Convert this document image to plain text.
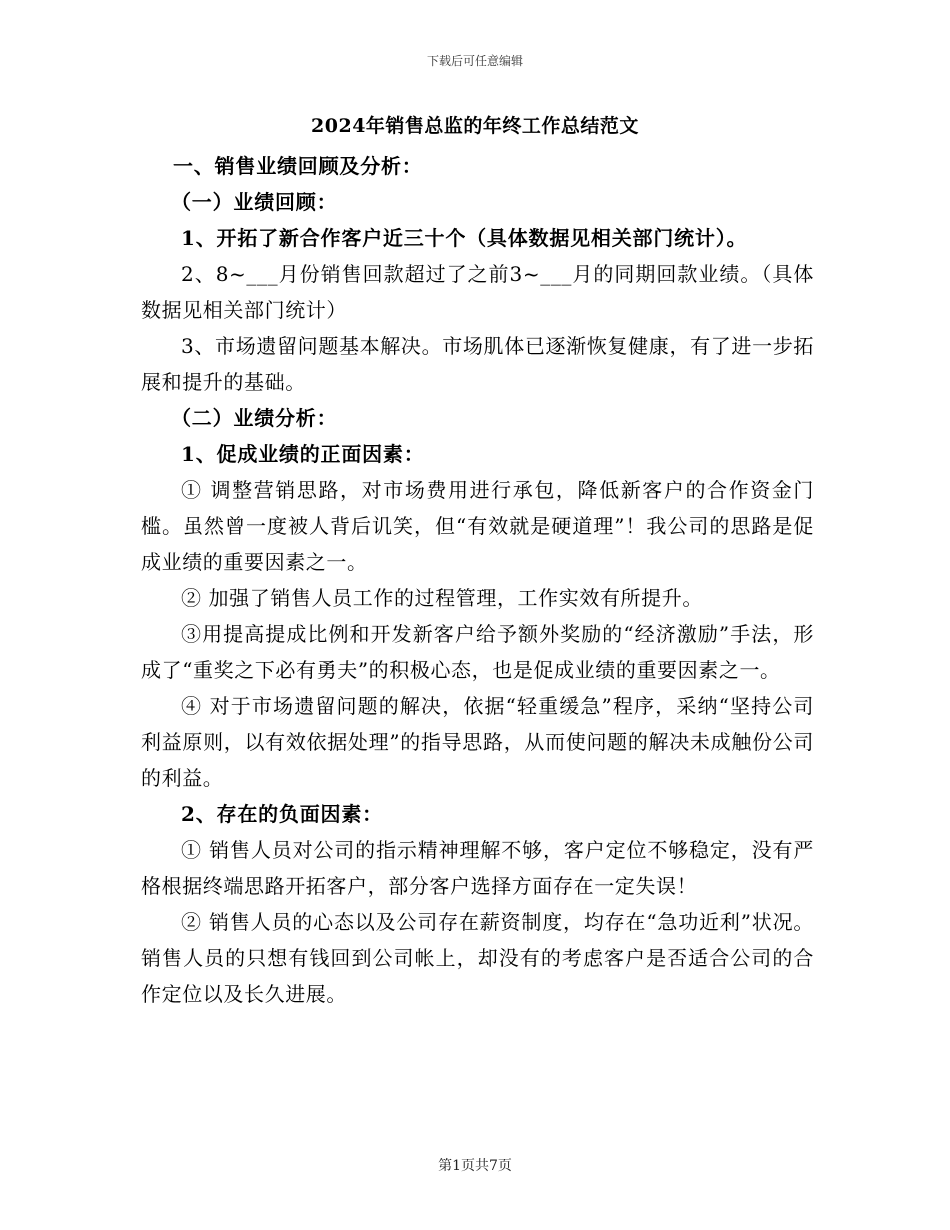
下载后可任意编辑
2024年销售总监的年终工作总结范文

一、销售业绩回顾及分析：

（一）业绩回顾：

1、开拓了新合作客户近三十个（具体数据见相关部门统计）。

2、8~___月份销售回款超过了之前3~___月的同期回款业绩。（具体数据见相关部门统计）

3、市场遗留问题基本解决。市场肌体已逐渐恢复健康，有了进一步拓展和提升的基础。

（二）业绩分析：

1、促成业绩的正面因素：

① 调整营销思路，对市场费用进行承包，降低新客户的合作资金门槛。虽然曾一度被人背后讥笑，但“有效就是硬道理”！我公司的思路是促成业绩的重要因素之一。

② 加强了销售人员工作的过程管理，工作实效有所提升。

③用提高提成比例和开发新客户给予额外奖励的“经济激励”手法，形成了“重奖之下必有勇夫”的积极心态，也是促成业绩的重要因素之一。

④ 对于市场遗留问题的解决，依据“轻重缓急”程序，采纳“坚持公司利益原则，以有效依据处理”的指导思路，从而使问题的解决未成触份公司的利益。

2、存在的负面因素：

① 销售人员对公司的指示精神理解不够，客户定位不够稳定，没有严格根据终端思路开拓客户，部分客户选择方面存在一定失误！

② 销售人员的心态以及公司存在薪资制度，均存在“急功近利”状况。销售人员的只想有钱回到公司帐上，却没有的考虑客户是否适合公司的合作定位以及长久进展。

第1页共7页
